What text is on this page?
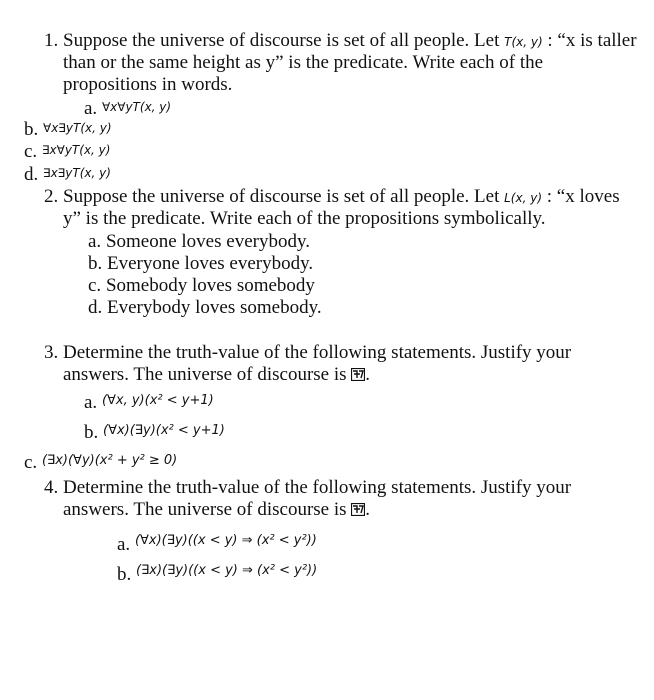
1. Suppose the universe of discourse is set of all people. Let T(x, y) : “x is taller
than or the same height as y” is the predicate. Write each of the
propositions in words.
a. ∀x∀yT(x, y)
b. ∀x∃yT(x, y)
c. ∃x∀yT(x, y)
d. ∃x∃yT(x, y)
2. Suppose the universe of discourse is set of all people. Let L(x, y) : “x loves
y” is the predicate. Write each of the propositions symbolically.
a. Someone loves everybody.
b. Everyone loves everybody.
c. Somebody loves somebody
d. Everybody loves somebody.
3. Determine the truth-value of the following statements. Justify your
answers. The universe of discourse is .
a. (∀x, y)(x² < y+1)
b. (∀x)(∃y)(x² < y+1)
c. (∃x)(∀y)(x² + y² ≥ 0)
4. Determine the truth-value of the following statements. Justify your
answers. The universe of discourse is .
a. (∀x)(∃y)((x < y) ⇒ (x² < y²))
b. (∃x)(∃y)((x < y) ⇒ (x² < y²))
